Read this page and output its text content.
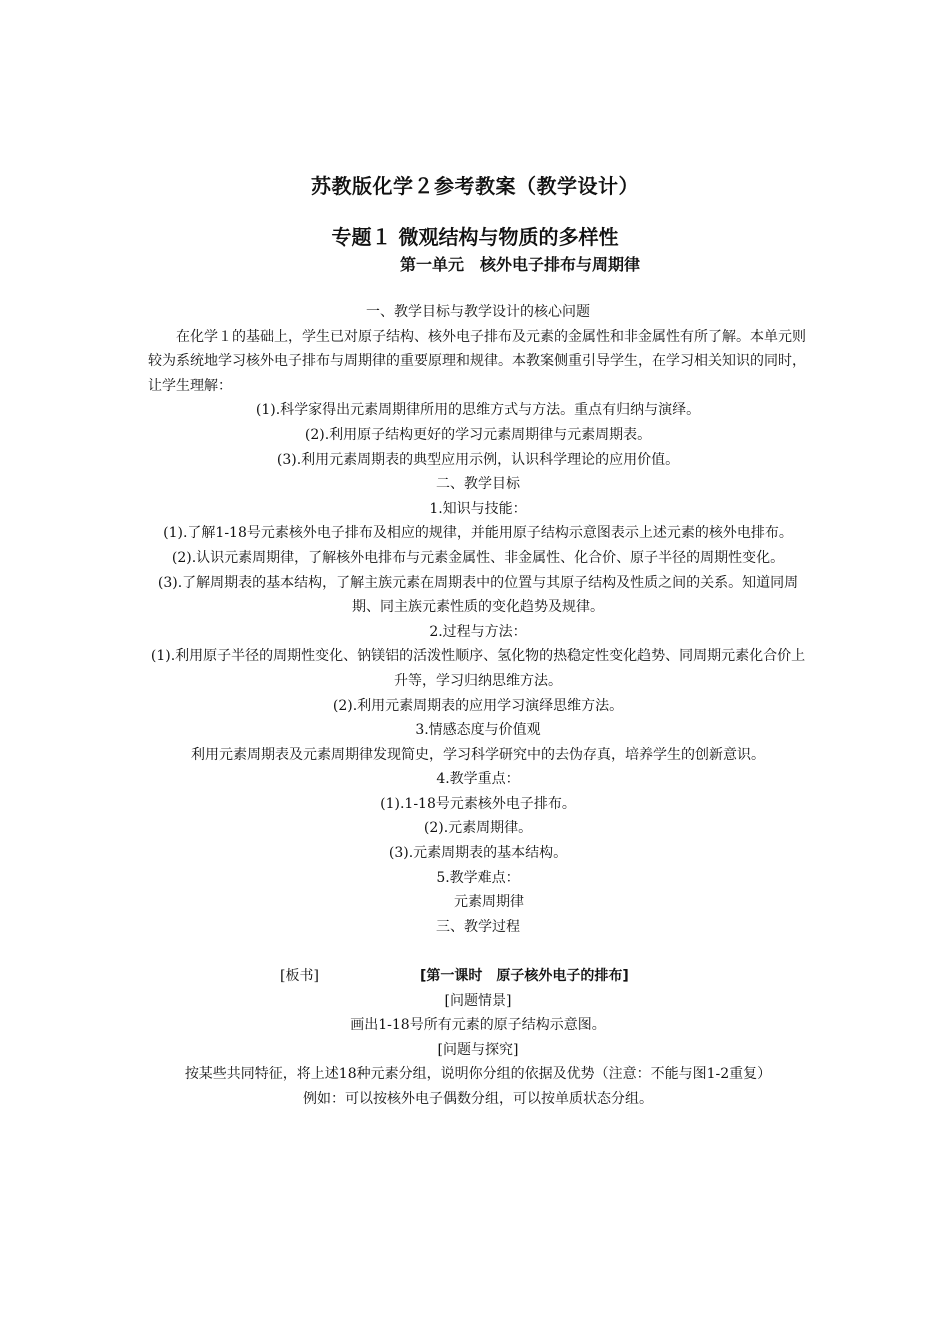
苏教版化学２参考教案（教学设计）
专题１ 微观结构与物质的多样性
第一单元　核外电子排布与周期律

一、教学目标与教学设计的核心问题

在化学１的基础上，学生已对原子结构、核外电子排布及元素的金属性和非金属性有所了解。本单元则较为系统地学习核外电子排布与周期律的重要原理和规律。本教案侧重引导学生，在学习相关知识的同时，让学生理解：

(1).科学家得出元素周期律所用的思维方式与方法。重点有归纳与演绎。

(2).利用原子结构更好的学习元素周期律与元素周期表。

(3).利用元素周期表的典型应用示例，认识科学理论的应用价值。

二、教学目标

1.知识与技能：

(1).了解1-18号元素核外电子排布及相应的规律，并能用原子结构示意图表示上述元素的核外电排布。

(2).认识元素周期律，了解核外电排布与元素金属性、非金属性、化合价、原子半径的周期性变化。

(3).了解周期表的基本结构，了解主族元素在周期表中的位置与其原子结构及性质之间的关系。知道同周期、同主族元素性质的变化趋势及规律。

2.过程与方法：

(1).利用原子半径的周期性变化、钠镁铝的活泼性顺序、氢化物的热稳定性变化趋势、同周期元素化合价上升等，学习归纳思维方法。

(2).利用元素周期表的应用学习演绎思维方法。

3.情感态度与价值观

利用元素周期表及元素周期律发现简史，学习科学研究中的去伪存真，培养学生的创新意识。

4.教学重点：

(1).1-18号元素核外电子排布。

(2).元素周期律。

(3).元素周期表的基本结构。

5.教学难点：

元素周期律

三、教学过程

[板书]	[第一课时　原子核外电子的排布]

[问题情景]

画出1-18号所有元素的原子结构示意图。

[问题与探究]

按某些共同特征，将上述18种元素分组，说明你分组的依据及优势（注意：不能与图1-2重复）

例如：可以按核外电子偶数分组，可以按单质状态分组。
